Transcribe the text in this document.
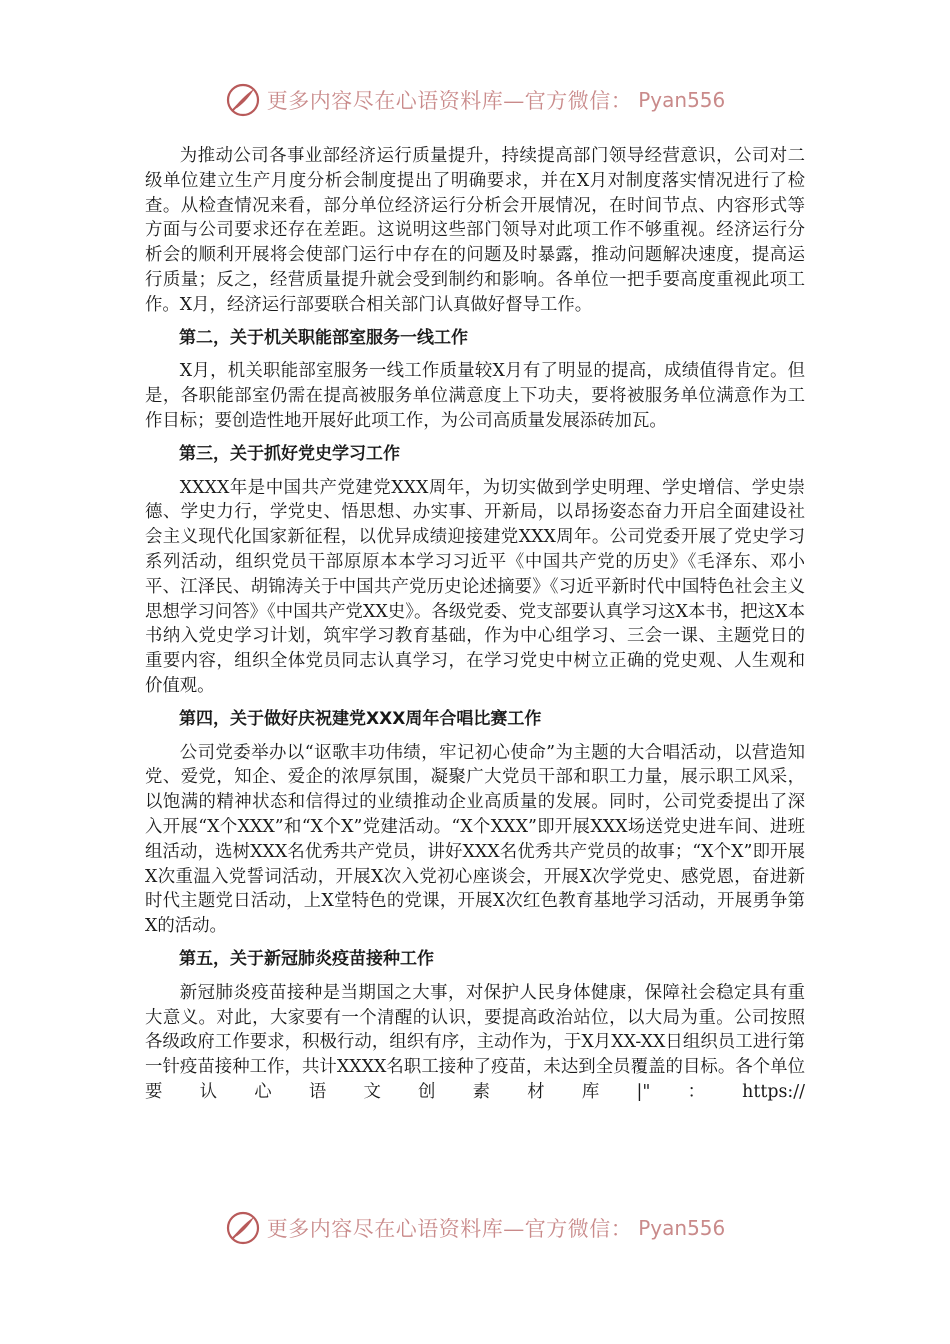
更多内容尽在心语资料库—官方微信： Pyan556

为推动公司各事业部经济运行质量提升，持续提高部门领导经营意识，公司对二级单位建立生产月度分析会制度提出了明确要求，并在X月对制度落实情况进行了检查。从检查情况来看，部分单位经济运行分析会开展情况，在时间节点、内容形式等方面与公司要求还存在差距。这说明这些部门领导对此项工作不够重视。经济运行分析会的顺利开展将会使部门运行中存在的问题及时暴露，推动问题解决速度，提高运行质量；反之，经营质量提升就会受到制约和影响。各单位一把手要高度重视此项工作。X月，经济运行部要联合相关部门认真做好督导工作。

第二，关于机关职能部室服务一线工作

X月，机关职能部室服务一线工作质量较X月有了明显的提高，成绩值得肯定。但是，各职能部室仍需在提高被服务单位满意度上下功夫，要将被服务单位满意作为工作目标；要创造性地开展好此项工作，为公司高质量发展添砖加瓦。

第三，关于抓好党史学习工作

XXXX年是中国共产党建党XXX周年，为切实做到学史明理、学史增信、学史崇德、学史力行，学党史、悟思想、办实事、开新局，以昂扬姿态奋力开启全面建设社会主义现代化国家新征程，以优异成绩迎接建党XXX周年。公司党委开展了党史学习系列活动，组织党员干部原原本本学习习近平《中国共产党的历史》《毛泽东、邓小平、江泽民、胡锦涛关于中国共产党历史论述摘要》《习近平新时代中国特色社会主义思想学习问答》《中国共产党XX史》。各级党委、党支部要认真学习这X本书，把这X本书纳入党史学习计划，筑牢学习教育基础，作为中心组学习、三会一课、主题党日的重要内容，组织全体党员同志认真学习，在学习党史中树立正确的党史观、人生观和价值观。

第四，关于做好庆祝建党XXX周年合唱比赛工作

公司党委举办以“讴歌丰功伟绩，牢记初心使命”为主题的大合唱活动，以营造知党、爱党，知企、爱企的浓厚氛围，凝聚广大党员干部和职工力量，展示职工风采，以饱满的精神状态和信得过的业绩推动企业高质量的发展。同时，公司党委提出了深入开展“X个XXX”和“X个X”党建活动。“X个XXX”即开展XXX场送党史进车间、进班组活动，选树XXX名优秀共产党员，讲好XXX名优秀共产党员的故事；“X个X”即开展X次重温入党誓词活动，开展X次入党初心座谈会，开展X次学党史、感党恩，奋进新时代主题党日活动，上X堂特色的党课，开展X次红色教育基地学习活动，开展勇争第X的活动。

第五，关于新冠肺炎疫苗接种工作

新冠肺炎疫苗接种是当期国之大事，对保护人民身体健康，保障社会稳定具有重大意义。对此，大家要有一个清醒的认识，要提高政治站位，以大局为重。公司按照各级政府工作要求，积极行动，组织有序，主动作为，于X月XX-XX日组织员工进行第一针疫苗接种工作，共计XXXX名职工接种了疫苗，未达到全员覆盖的目标。各个单位要认心语文创素材库|"：https://

更多内容尽在心语资料库—官方微信： Pyan556
